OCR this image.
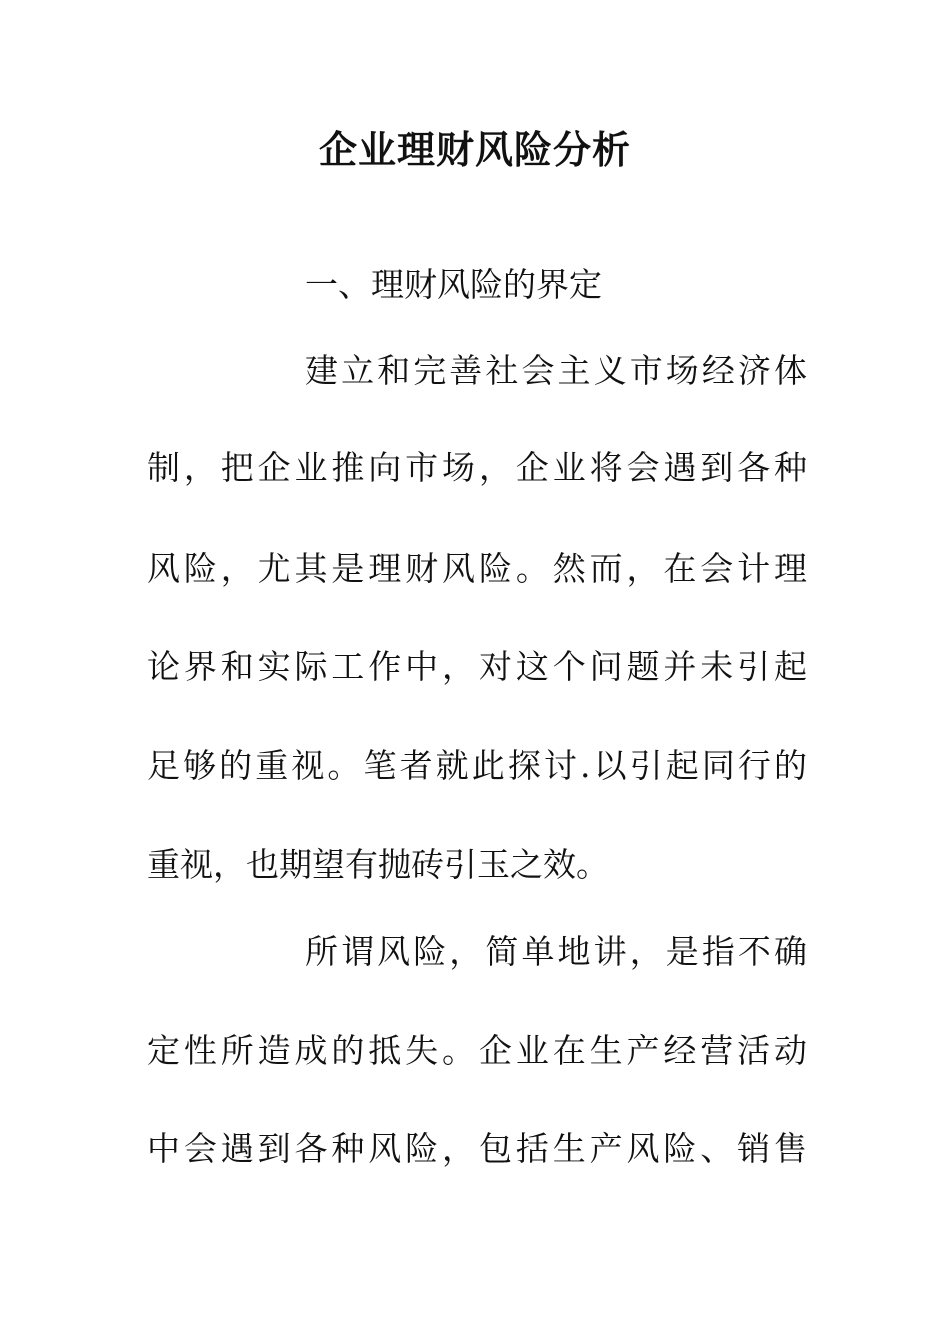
企业理财风险分析

一、理财风险的界定

建立和完善社会主义市场经济体

制，把企业推向市场，企业将会遇到各种

风险，尤其是理财风险。然而，在会计理

论界和实际工作中，对这个问题并未引起

足够的重视。笔者就此探讨.以引起同行的

重视，也期望有抛砖引玉之效。

所谓风险，简单地讲，是指不确

定性所造成的抵失。企业在生产经营活动

中会遇到各种风险，包括生产风险、销售
